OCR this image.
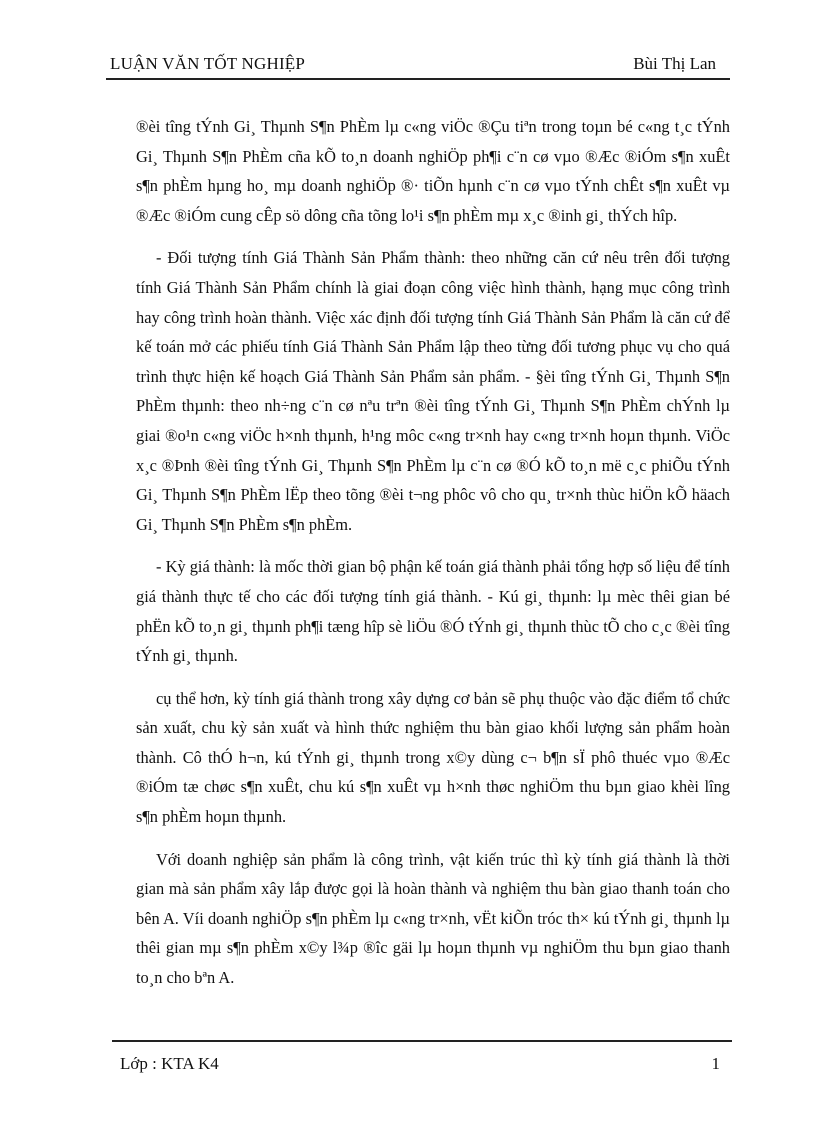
LUẬN VĂN TỐT NGHIỆP	Bùi Thị Lan

®èi tîng tÝnh Gi¸ Thµnh S¶n PhÈm lµ c«ng viÖc ®Çu tiªn trong toµn bé c«ng t¸c tÝnh Gi¸ Thµnh S¶n PhÈm cña kÕ to¸n doanh nghiÖp ph¶i c¨n cø vµo ®Æc ®iÓm s¶n xuÊt s¶n phÈm hµng ho¸ mµ doanh nghiÖp ®· tiÕn hµnh c¨n cø vµo tÝnh chÊt s¶n xuÊt vµ ®Æc ®iÓm cung cÊp sö dông cña tõng lo¹i s¶n phÈm mµ x¸c ®inh gi¸ thÝch hîp.

- Đối tượng tính Giá Thành Sản Phẩm thành: theo những căn cứ nêu trên đối tượng tính Giá Thành Sản Phẩm chính là giai đoạn công việc hình thành, hạng mục công trình hay công trình hoàn thành. Việc xác định đối tượng tính Giá Thành Sản Phẩm là căn cứ để kế toán mở các phiếu tính Giá Thành Sản Phẩm lập theo từng đối tương phục vụ cho quá trình thực hiện kế hoạch Giá Thành Sản Phẩm sản phẩm. - §èi tîng tÝnh Gi¸ Thµnh S¶n PhÈm thµnh: theo nh÷ng c¨n cø nªu trªn ®èi tîng tÝnh Gi¸ Thµnh S¶n PhÈm chÝnh lµ giai ®o¹n c«ng viÖc h×nh thµnh, h¹ng môc c«ng tr×nh hay c«ng tr×nh hoµn thµnh. ViÖc x¸c ®Þnh ®èi tîng tÝnh Gi¸ Thµnh S¶n PhÈm lµ c¨n cø ®Ó kÕ to¸n më c¸c phiÕu tÝnh Gi¸ Thµnh S¶n PhÈm lËp theo tõng ®èi t¬ng phôc vô cho qu¸ tr×nh thùc hiÖn kÕ häach Gi¸ Thµnh S¶n PhÈm s¶n phÈm.

- Kỳ giá thành: là mốc thời gian bộ phận kế toán giá thành phải tổng hợp số liệu để tính giá thành thực tế cho các đối tượng tính giá thành. - Kú gi¸ thµnh: lµ mèc thêi gian bé phËn kÕ to¸n gi¸ thµnh ph¶i tæng hîp sè liÖu ®Ó tÝnh gi¸ thµnh thùc tÕ cho c¸c ®èi tîng tÝnh gi¸ thµnh.

cụ thể hơn, kỳ tính giá thành trong xây dựng cơ bản sẽ phụ thuộc vào đặc điểm tổ chức sản xuất, chu kỳ sản xuất và hình thức nghiệm thu bàn giao khối lượng sản phẩm hoàn thành. Cô thÓ h¬n, kú tÝnh gi¸ thµnh trong x©y dùng c¬ b¶n sÏ phô thuéc vµo ®Æc ®iÓm tæ chøc s¶n xuÊt, chu kú s¶n xuÊt vµ h×nh thøc nghiÖm thu bµn giao khèi lîng s¶n phÈm hoµn thµnh.

Với doanh nghiệp sản phẩm là công trình, vật kiến trúc thì kỳ tính giá thành là thời gian mà sản phẩm xây lắp được gọi là hoàn thành và nghiệm thu bàn giao thanh toán cho bên A. Víi doanh nghiÖp s¶n phÈm lµ c«ng tr×nh, vËt kiÕn tróc th× kú tÝnh gi¸ thµnh lµ thêi gian mµ s¶n phÈm x©y l¾p ®îc gäi lµ hoµn thµnh vµ nghiÖm thu bµn giao thanh to¸n cho bªn A.

Lớp : KTA K4	1
